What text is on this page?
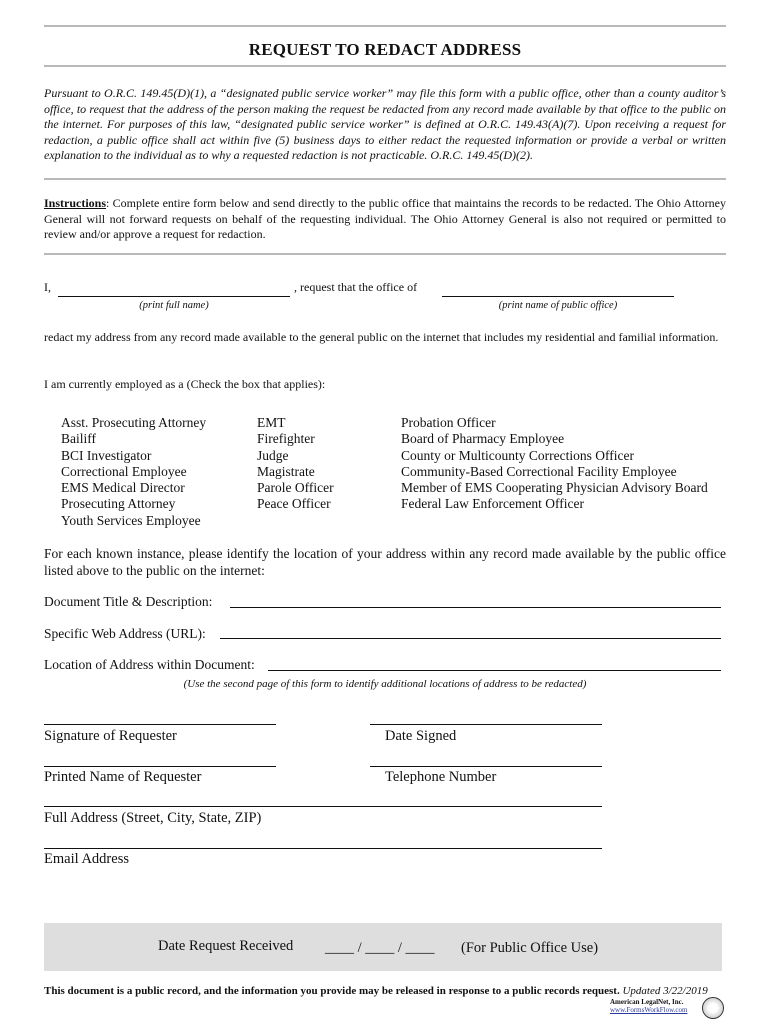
REQUEST TO REDACT ADDRESS
Pursuant to O.R.C. 149.45(D)(1), a “designated public service worker” may file this form with a public office, other than a county auditor’s office, to request that the address of the person making the request be redacted from any record made available by that office to the public on the internet. For purposes of this law, “designated public service worker” is defined at O.R.C. 149.43(A)(7). Upon receiving a request for redaction, a public office shall act within five (5) business days to either redact the requested information or provide a verbal or written explanation to the individual as to why a requested redaction is not practicable. O.R.C. 149.45(D)(2).
Instructions: Complete entire form below and send directly to the public office that maintains the records to be redacted. The Ohio Attorney General will not forward requests on behalf of the requesting individual. The Ohio Attorney General is also not required or permitted to review and/or approve a request for redaction.
I,	, request that the office of
(print full name)	(print name of public office)
redact my address from any record made available to the general public on the internet that includes my residential and familial information.
I am currently employed as a (Check the box that applies):
Asst. Prosecuting Attorney
Bailiff
BCI Investigator
Correctional Employee
EMS Medical Director
Prosecuting Attorney
Youth Services Employee
EMT
Firefighter
Judge
Magistrate
Parole Officer
Peace Officer
Probation Officer
Board of Pharmacy Employee
County or Multicounty Corrections Officer
Community-Based Correctional Facility Employee
Member of EMS Cooperating Physician Advisory Board
Federal Law Enforcement Officer
For each known instance, please identify the location of your address within any record made available by the public office listed above to the public on the internet:
Document Title & Description:
Specific Web Address (URL):
Location of Address within Document:
(Use the second page of this form to identify additional locations of address to be redacted)
Signature of Requester	Date Signed
Printed Name of Requester	Telephone Number
Full Address (Street, City, State, ZIP)
Email Address
Date Request Received ____ / ____ / ____ (For Public Office Use)
This document is a public record, and the information you provide may be released in response to a public records request. Updated 3/22/2019
American LegalNet, Inc.
www.FormsWorkFlow.com
